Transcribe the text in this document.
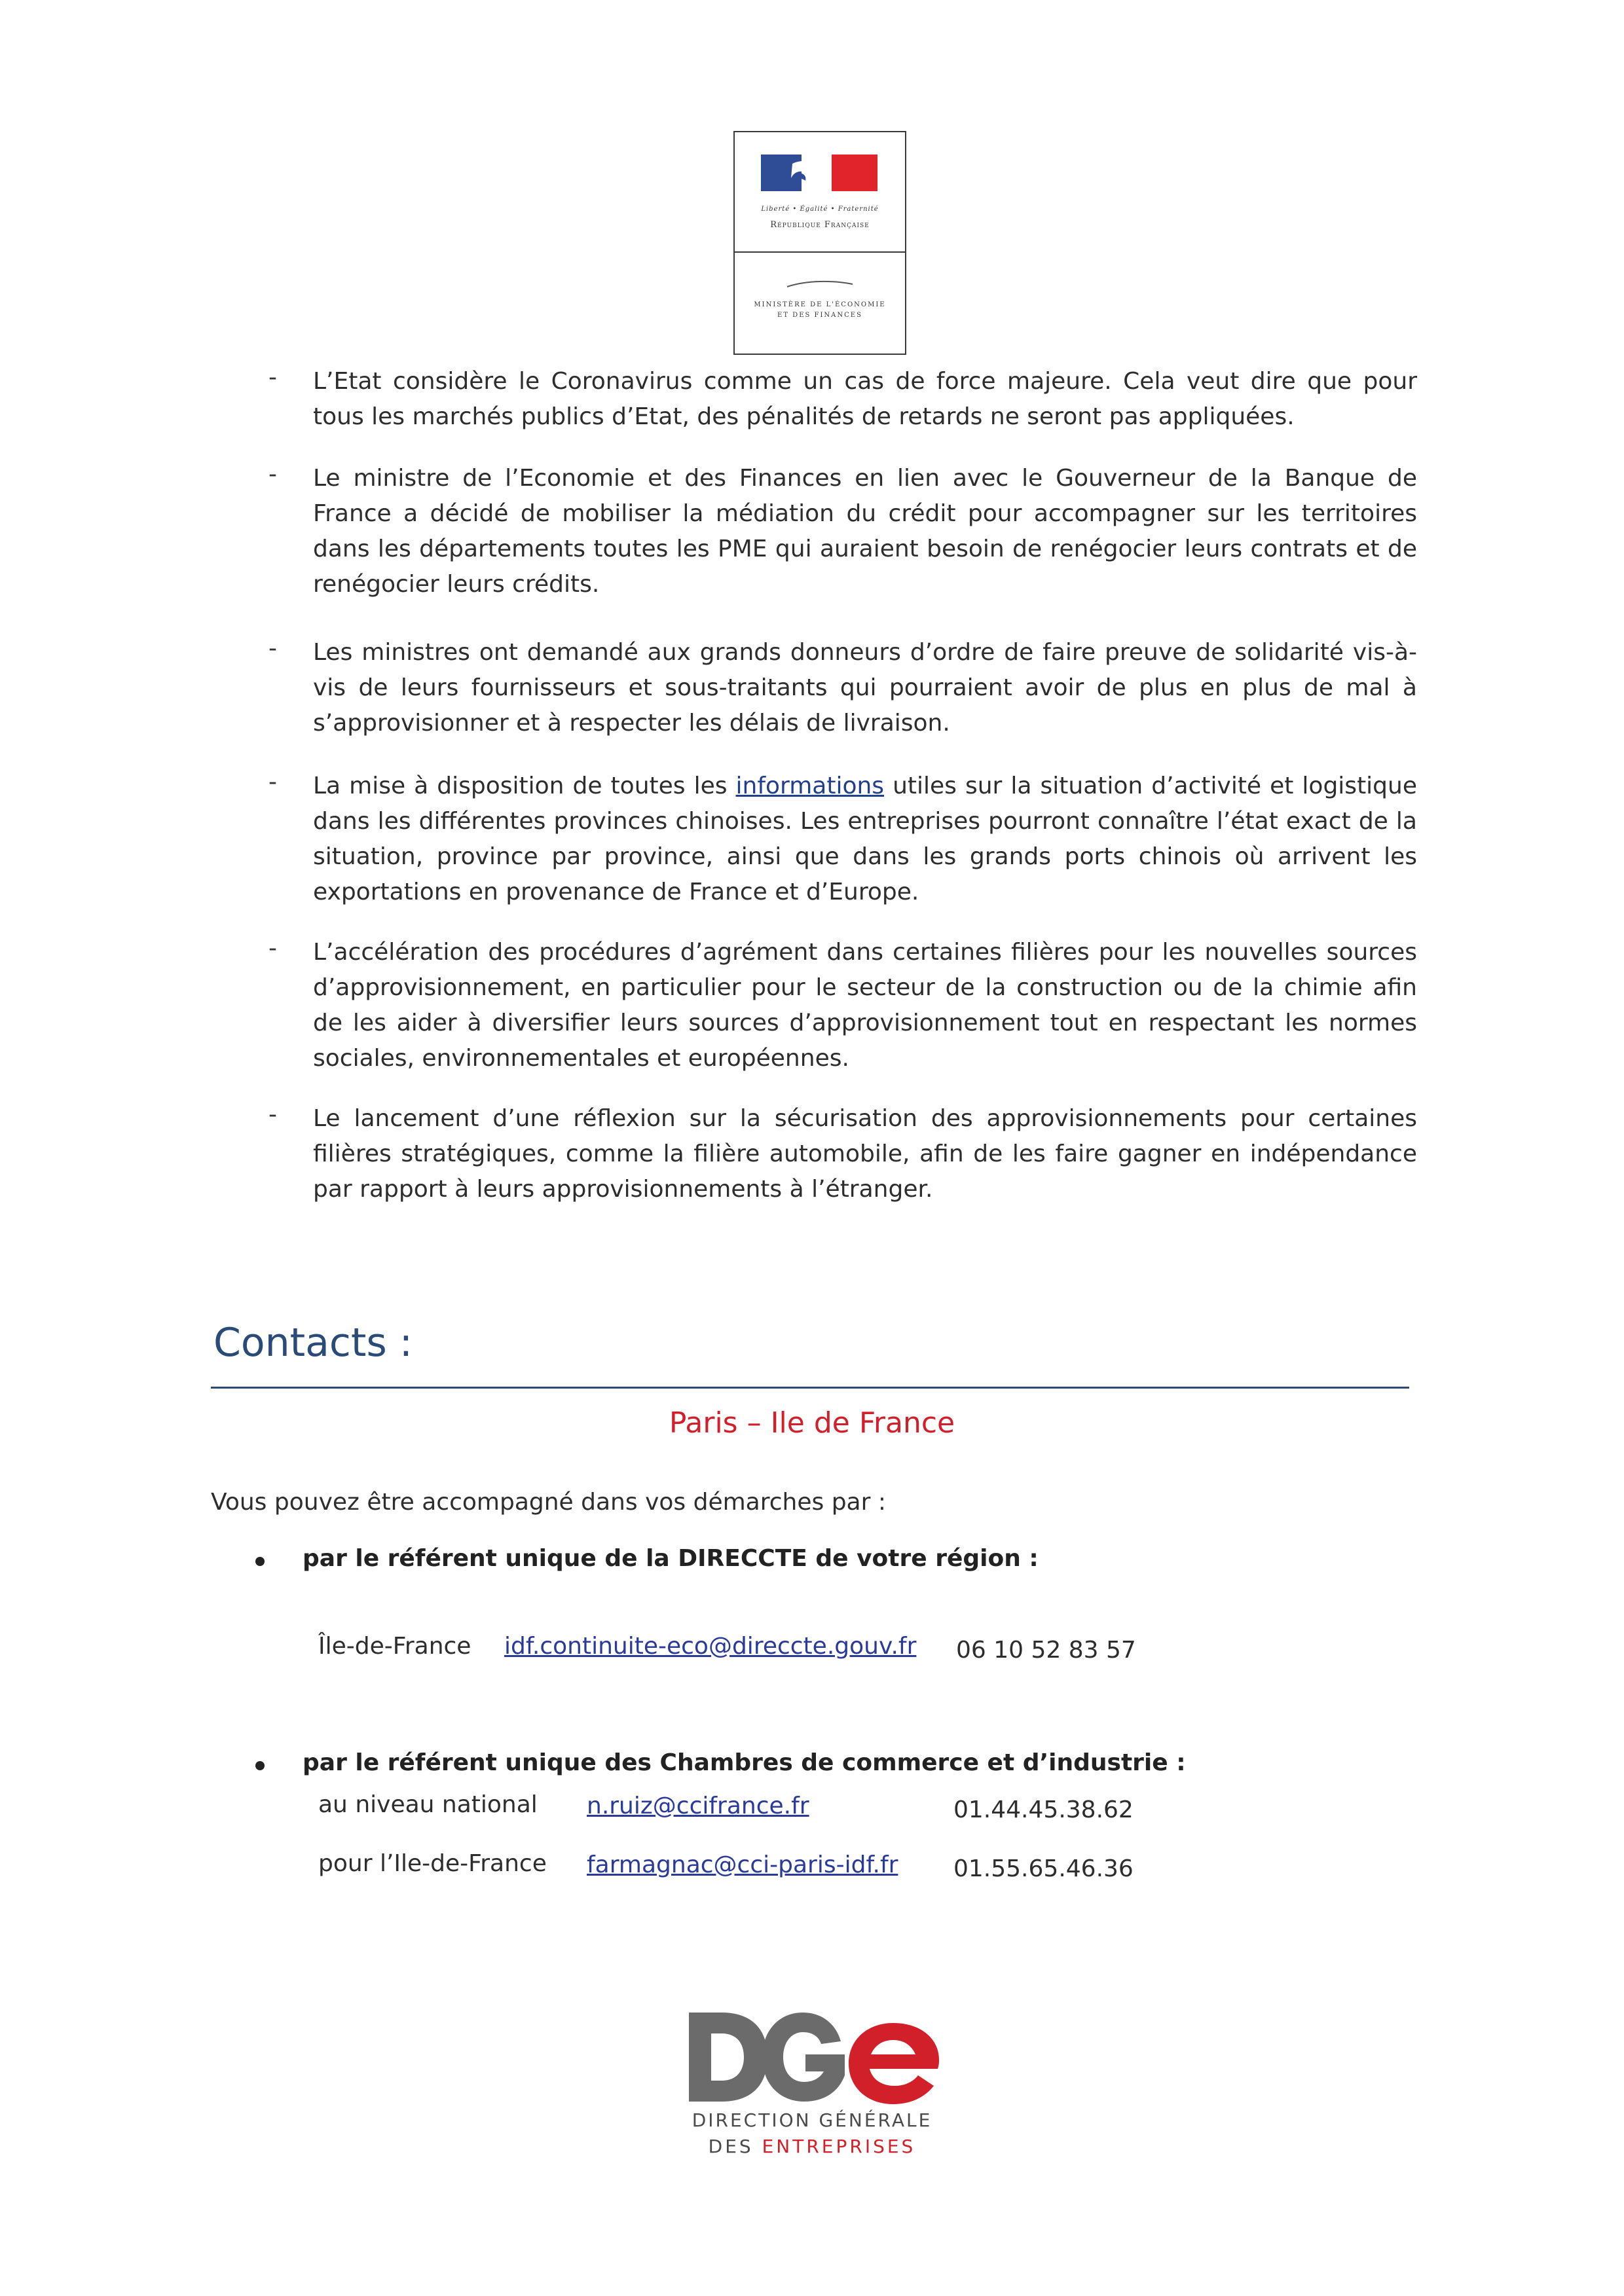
Liberté • Égalité • Fraternité
République Française
MINISTÈRE DE L'ÉCONOMIE
ET DES FINANCES
- L’Etat considère le Coronavirus comme un cas de force majeure. Cela veut dire que pour tous les marchés publics d’Etat, des pénalités de retards ne seront pas appliquées.
- Le ministre de l’Economie et des Finances en lien avec le Gouverneur de la Banque de France a décidé de mobiliser la médiation du crédit pour accompagner sur les territoires dans les départements toutes les PME qui auraient besoin de renégocier leurs contrats et de renégocier leurs crédits.
- Les ministres ont demandé aux grands donneurs d’ordre de faire preuve de solidarité vis-à-vis de leurs fournisseurs et sous-traitants qui pourraient avoir de plus en plus de mal à s’approvisionner et à respecter les délais de livraison.
- La mise à disposition de toutes les informations utiles sur la situation d’activité et logistique dans les différentes provinces chinoises. Les entreprises pourront connaître l’état exact de la situation, province par province, ainsi que dans les grands ports chinois où arrivent les exportations en provenance de France et d’Europe.
- L’accélération des procédures d’agrément dans certaines filières pour les nouvelles sources d’approvisionnement, en particulier pour le secteur de la construction ou de la chimie afin de les aider à diversifier leurs sources d’approvisionnement tout en respectant les normes sociales, environnementales et européennes.
- Le lancement d’une réflexion sur la sécurisation des approvisionnements pour certaines filières stratégiques, comme la filière automobile, afin de les faire gagner en indépendance par rapport à leurs approvisionnements à l’étranger.
Contacts :
Paris – Ile de France
Vous pouvez être accompagné dans vos démarches par :
par le référent unique de la DIRECCTE de votre région :
Île-de-France idf.continuite-eco@direccte.gouv.fr 06 10 52 83 57
par le référent unique des Chambres de commerce et d’industrie :
au niveau national n.ruiz@ccifrance.fr	01.44.45.38.62
pour l’Ile-de-France farmagnac@cci-paris-idf.fr 01.55.65.46.36
DIRECTION GÉNÉRALE
DES ENTREPRISES
